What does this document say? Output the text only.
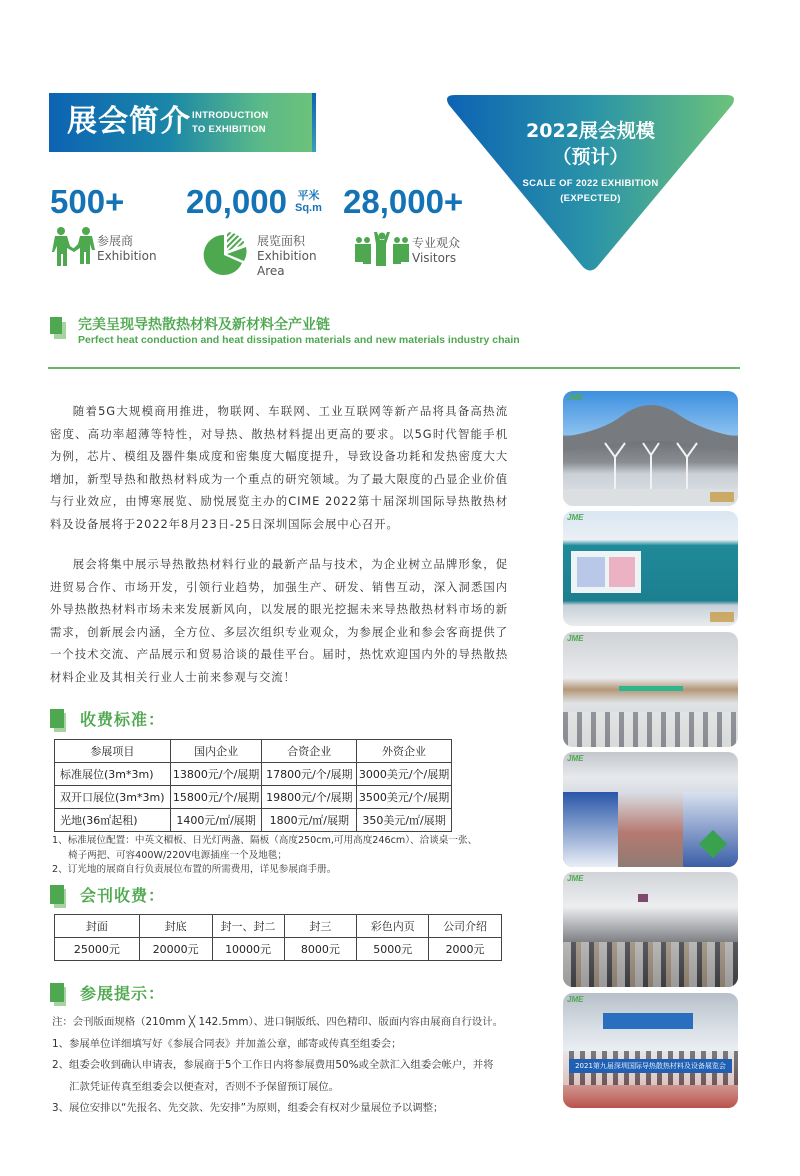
展会简介 INTRODUCTION
TO EXHIBITION
500+
参展商
Exhibition
20,000 平米
Sq.m
展览面积
Exhibition
Area
28,000+
专业观众
Visitors
2022展会规模
（预计）
SCALE OF 2022 EXHIBITION
(EXPECTED)
完美呈现导热散热材料及新材料全产业链
Perfect heat conduction and heat dissipation materials and new materials industry chain

随着5G大规模商用推进，物联网、车联网、工业互联网等新产品将具备高热流密度、高功率超薄等特性，对导热、散热材料提出更高的要求。以5G时代智能手机为例，芯片、模组及器件集成度和密集度大幅度提升，导致设备功耗和发热密度大大增加，新型导热和散热材料成为一个重点的研究领域。为了最大限度的凸显企业价值与行业效应，由博寒展览、励悦展览主办的CIME 2022第十届深圳国际导热散热材料及设备展将于2022年8月23日-25日深圳国际会展中心召开。

展会将集中展示导热散热材料行业的最新产品与技术，为企业树立品牌形象，促进贸易合作、市场开发，引领行业趋势，加强生产、研发、销售互动，深入洞悉国内外导热散热材料市场未来发展新风向，以发展的眼光挖掘未来导热散热材料市场的新需求，创新展会内涵，全方位、多层次组织专业观众，为参展企业和参会客商提供了一个技术交流、产品展示和贸易洽谈的最佳平台。届时，热忱欢迎国内外的导热散热材料企业及其相关行业人士前来参观与交流！

收费标准：
参展项目	国内企业	合资企业	外资企业
标准展位(3m*3m)	13800元/个/展期	17800元/个/展期	3000美元/个/展期
双开口展位(3m*3m)	15800元/个/展期	19800元/个/展期	3500美元/个/展期
光地(36㎡起租)	1400元/㎡/展期	1800元/㎡/展期	350美元/㎡/展期
1、标准展位配置：中英文楣板、日光灯两盏、隔板（高度250cm,可用高度246cm）、洽谈桌一张、
椅子两把、可容400W/220V电源插座一个及地毯；
2、订光地的展商自行负责展位布置的所需费用，详见参展商手册。
会刊收费：
封面	封底	封一、封二	封三	彩色内页	公司介绍
25000元	20000元	10000元	8000元	5000元	2000元
参展提示：
注：会刊版面规格（210mm ╳ 142.5mm）、进口铜版纸、四色精印、版面内容由展商自行设计。
1、参展单位详细填写好《参展合同表》并加盖公章，邮寄或传真至组委会；
2、组委会收到确认申请表，参展商于5个工作日内将参展费用50%或全款汇入组委会帐户，并将
汇款凭证传真至组委会以便查对，否则不予保留预订展位。
3、展位安排以“先报名、先交款、先安排”为原则，组委会有权对少量展位予以调整；
JME
JME
JME
JME
JME
2021第九届深圳国际导热散热材料及设备展览会
JME
